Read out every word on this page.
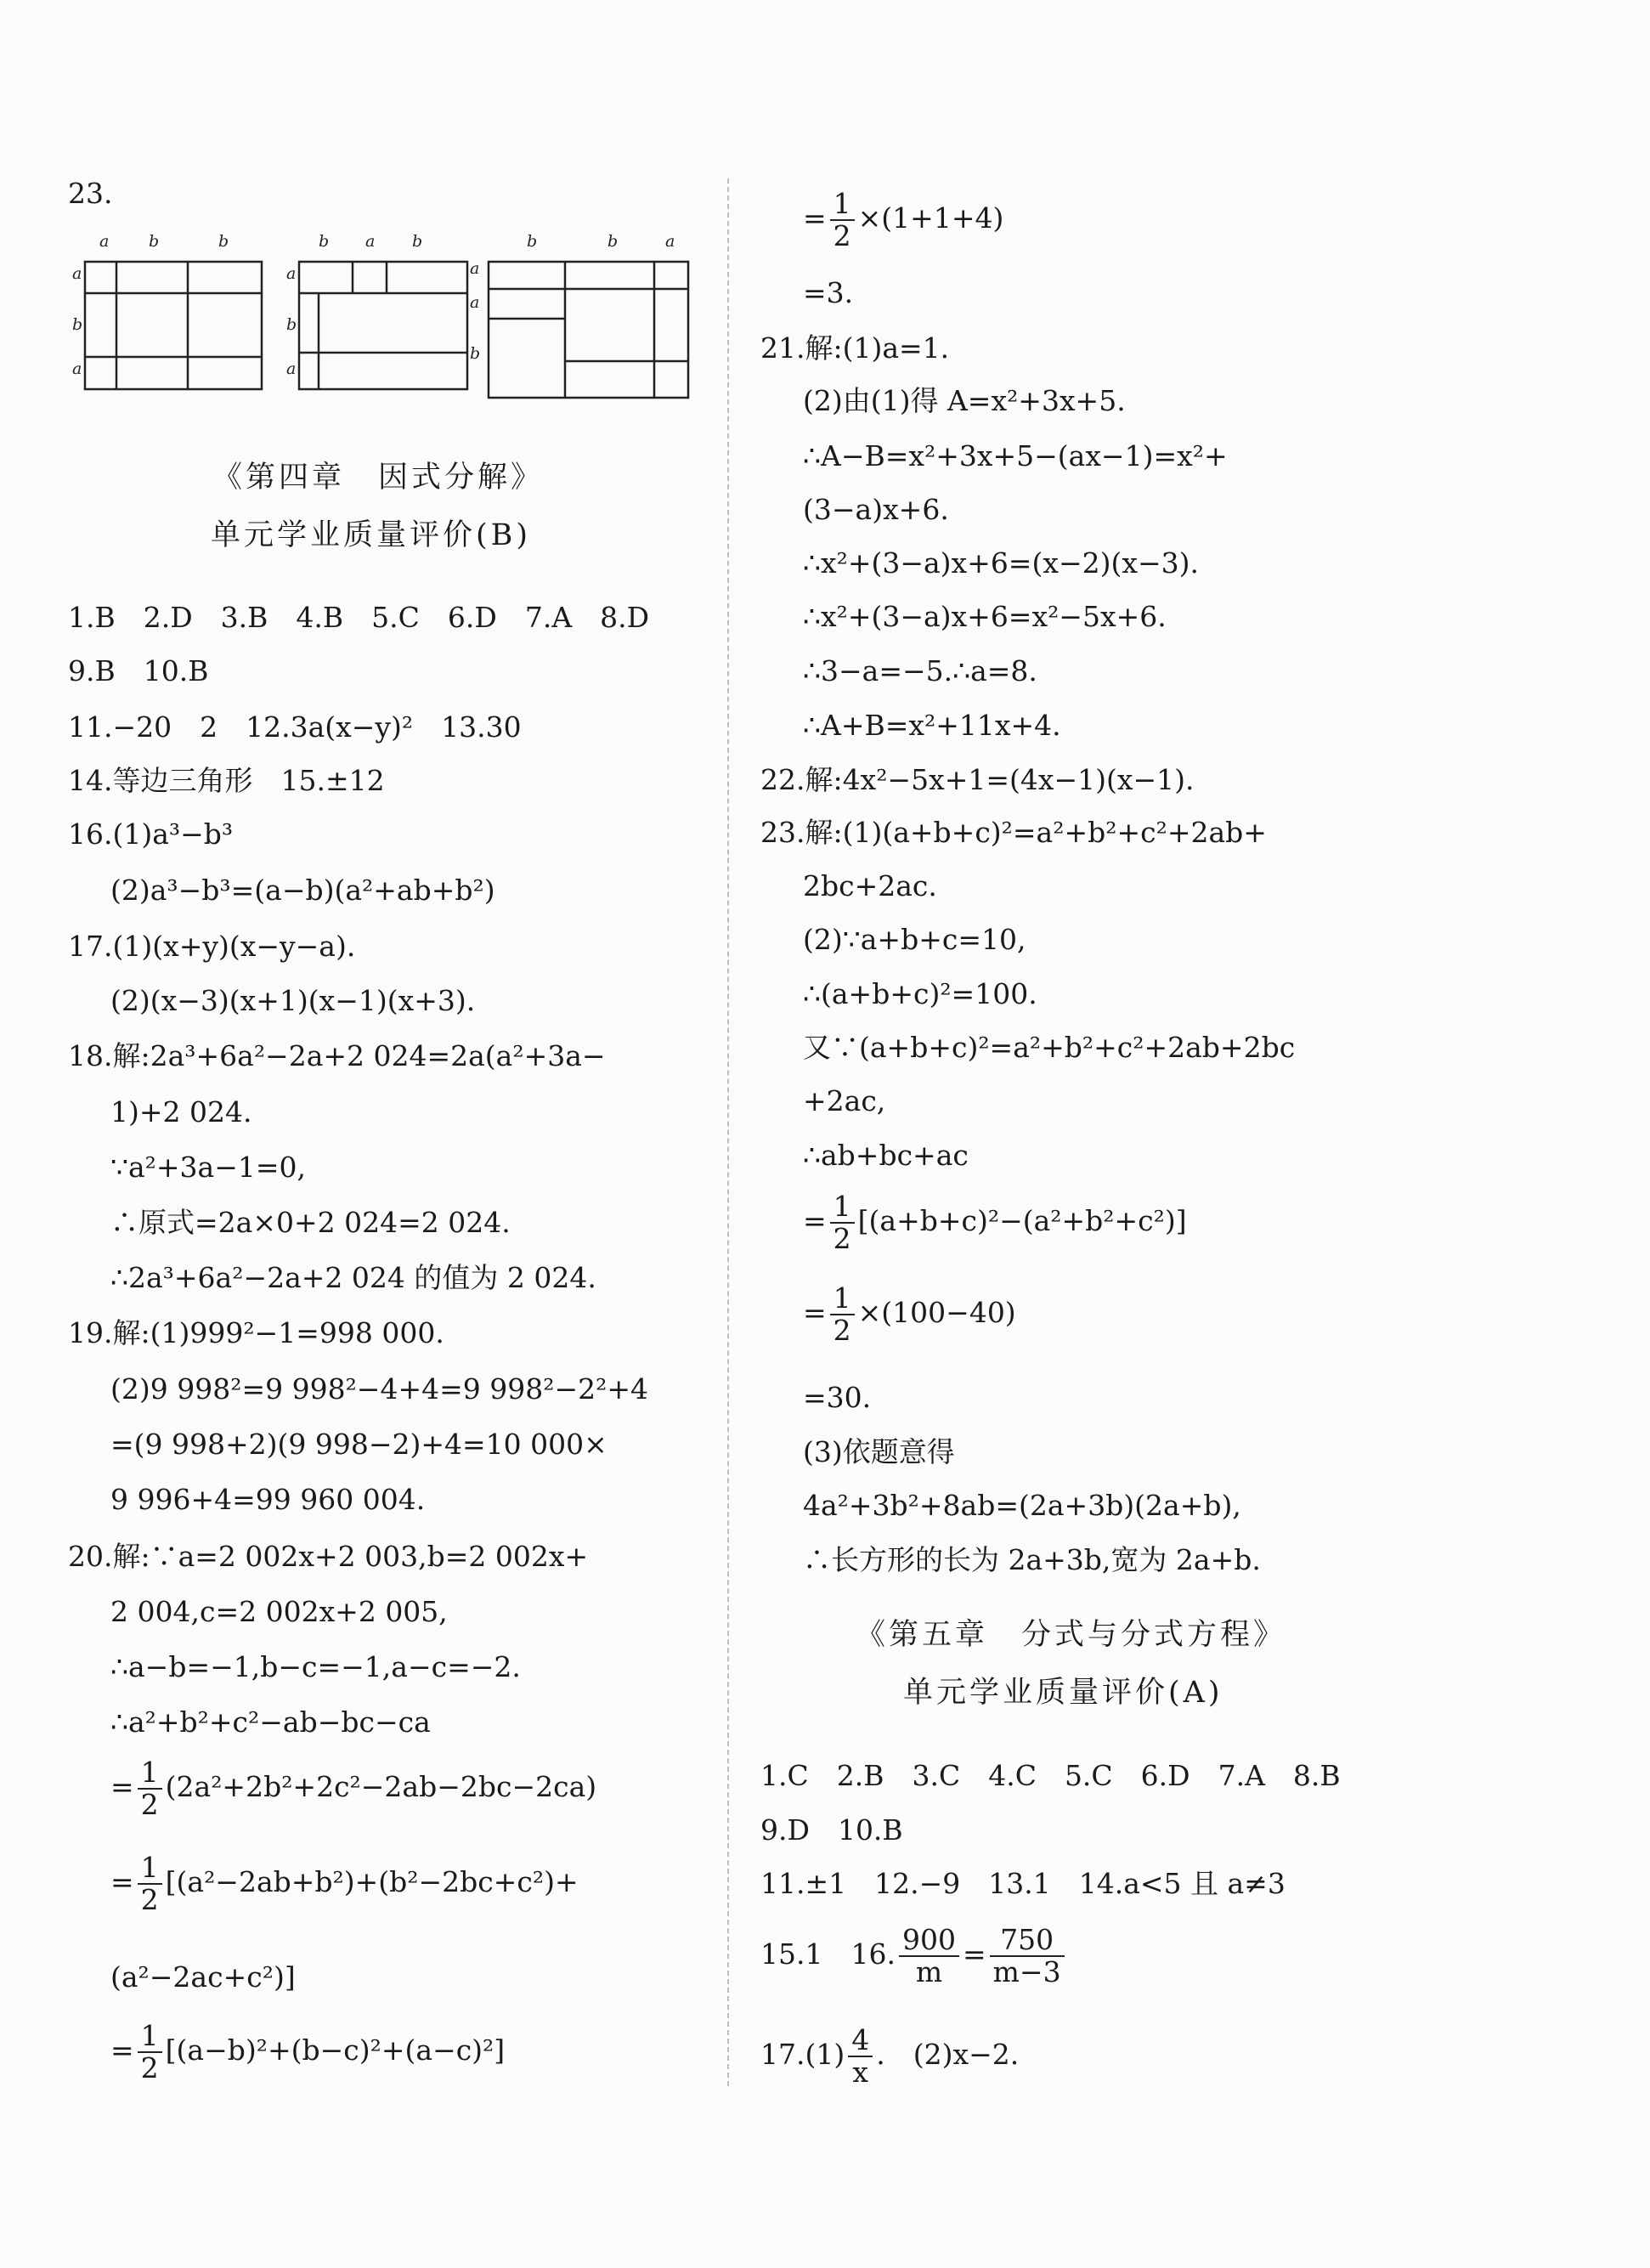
23.
a b	b
a
b
a
b a b
a
b
a
b	b	a
a
a
b
《第四章　因式分解》
单元学业质量评价(B)
1.B　2.D　3.B　4.B　5.C　6.D　7.A　8.D
9.B　10.B
11.−20　2　12.3a(x−y)²　13.30
14.等边三角形　15.±12
16.(1)a³−b³
(2)a³−b³=(a−b)(a²+ab+b²)
17.(1)(x+y)(x−y−a).
(2)(x−3)(x+1)(x−1)(x+3).
18.解:2a³+6a²−2a+2 024=2a(a²+3a−
1)+2 024.
∵a²+3a−1=0,
∴原式=2a×0+2 024=2 024.
∴2a³+6a²−2a+2 024 的值为 2 024.
19.解:(1)999²−1=998 000.
(2)9 998²=9 998²−4+4=9 998²−2²+4
=(9 998+2)(9 998−2)+4=10 000×
9 996+4=99 960 004.
20.解:∵a=2 002x+2 003,b=2 002x+
2 004,c=2 002x+2 005,
∴a−b=−1,b−c=−1,a−c=−2.
∴a²+b²+c²−ab−bc−ca
= $\frac{1}{2} (2a^2+2b^2+2c^2-2ab-2bc-2ca)$
= $\frac{1}{2} [(a^2-2ab+b^2)+(b^2-2bc+c^2)+$
(a²−2ac+c²)]
= $\frac{1}{2} [(a-b)^2+(b-c)^2+(a-c)^2]$
= $\frac{1}{2} \times(1+1+4)$
=3.
21.解:(1)a=1.
(2)由(1)得 A=x²+3x+5.
∴A−B=x²+3x+5−(ax−1)=x²+
(3−a)x+6.
∴x²+(3−a)x+6=(x−2)(x−3).
∴x²+(3−a)x+6=x²−5x+6.
∴3−a=−5.∴a=8.
∴A+B=x²+11x+4.
22.解:4x²−5x+1=(4x−1)(x−1).
23.解:(1)(a+b+c)²=a²+b²+c²+2ab+
2bc+2ac.
(2)∵a+b+c=10,
∴(a+b+c)²=100.
又∵(a+b+c)²=a²+b²+c²+2ab+2bc
+2ac,
∴ab+bc+ac
= $\frac{1}{2} [(a+b+c)^2-(a^2+b^2+c^2)]$
= $\frac{1}{2} \times(100-40)$
=30.
(3)依题意得
4a²+3b²+8ab=(2a+3b)(2a+b),
∴长方形的长为 2a+3b,宽为 2a+b.
《第五章　分式与分式方程》
单元学业质量评价(A)
1.C　2.B　3.C　4.C　5.C　6.D　7.A　8.B
9.D　10.B
11.±1　12.−9　13.1　14.a<5 且 a≠3
15.1　16. $\frac{900}{m} = \frac{750}{m-3}$
$17.(1) \frac{4}{x}$ .　(2)x−2.
